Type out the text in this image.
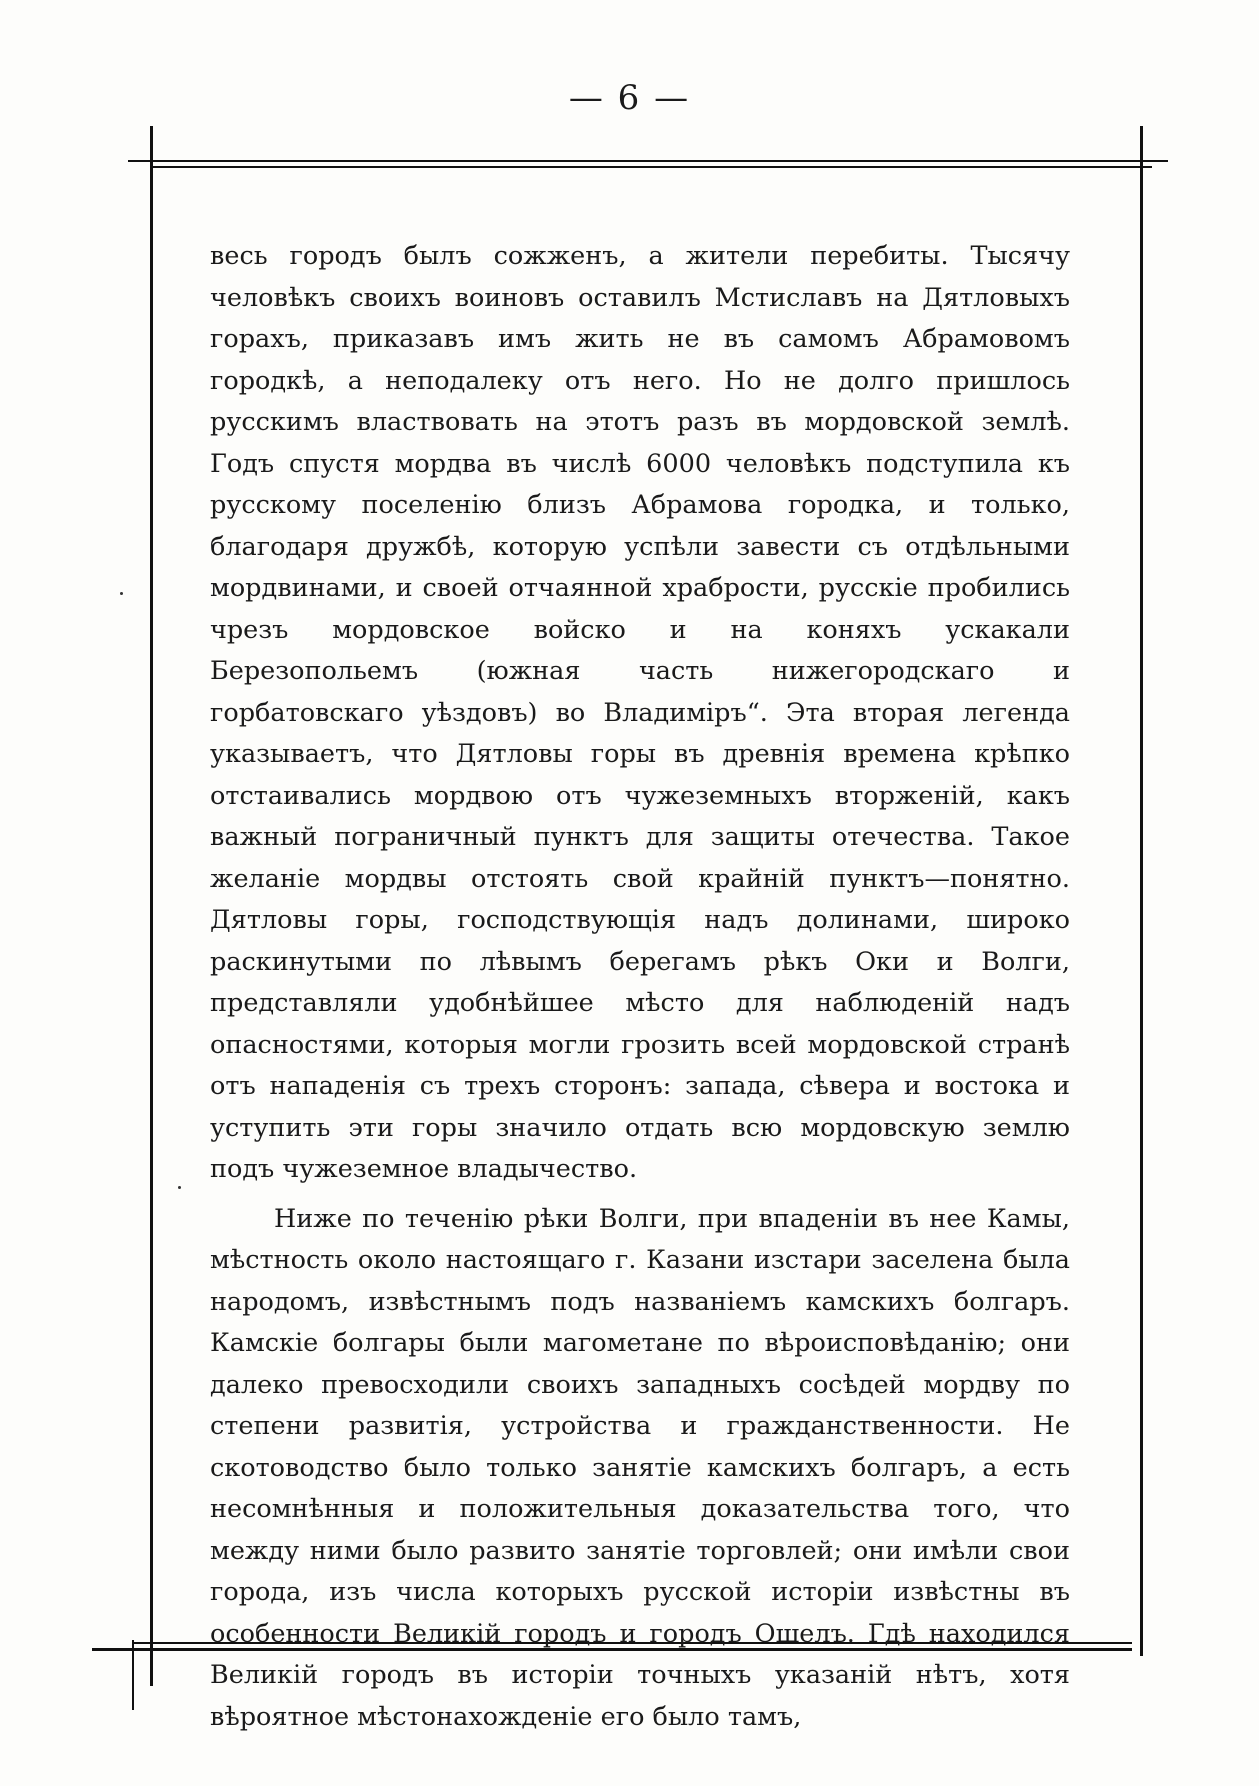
— 6 —

весь городъ былъ сожженъ, а жители перебиты. Тысячу человѣкъ своихъ воиновъ оставилъ Мстиславъ на Дятловыхъ горахъ, приказавъ имъ жить не въ самомъ Абрамовомъ городкѣ, а неподалеку отъ него. Но не долго пришлось русскимъ властвовать на этотъ разъ въ мордовской землѣ. Годъ спустя мордва въ числѣ 6000 человѣкъ подступила къ русскому поселенію близъ Абрамова городка, и только, благодаря дружбѣ, которую успѣли завести съ отдѣльными мордвинами, и своей отчаянной храбрости, русскіе пробились чрезъ мордовское войско и на коняхъ ускакали Березопольемъ (южная часть нижегородскаго и горбатовскаго уѣздовъ) во Владиміръ“. Эта вторая легенда указываетъ, что Дятловы горы въ древнія времена крѣпко отстаивались мордвою отъ чужеземныхъ вторженій, какъ важный пограничный пунктъ для защиты отечества. Такое желаніе мордвы отстоять свой крайній пунктъ—понятно. Дятловы горы, господствующія надъ долинами, широко раскинутыми по лѣвымъ берегамъ рѣкъ Оки и Волги, представляли удобнѣйшее мѣсто для наблюденій надъ опасностями, которыя могли грозить всей мордовской странѣ отъ нападенія съ трехъ сторонъ: запада, сѣвера и востока и уступить эти горы значило отдать всю мордовскую землю подъ чужеземное владычество.

Ниже по теченію рѣки Волги, при впаденіи въ нее Камы, мѣстность около настоящаго г. Казани изстари заселена была народомъ, извѣстнымъ подъ названіемъ камскихъ болгаръ. Камскіе болгары были магометане по вѣроисповѣданію; они далеко превосходили своихъ западныхъ сосѣдей мордву по степени развитія, устройства и гражданственности. Не скотоводство было только занятіе камскихъ болгаръ, а есть несомнѣнныя и положительныя доказательства того, что между ними было развито занятіе торговлей; они имѣли свои города, изъ числа которыхъ русской исторіи извѣстны въ особенности Великій городъ и городъ Ошелъ. Гдѣ находился Великій городъ въ исторіи точныхъ указаній нѣтъ, хотя вѣроятное мѣстонахожденіе его было тамъ,
